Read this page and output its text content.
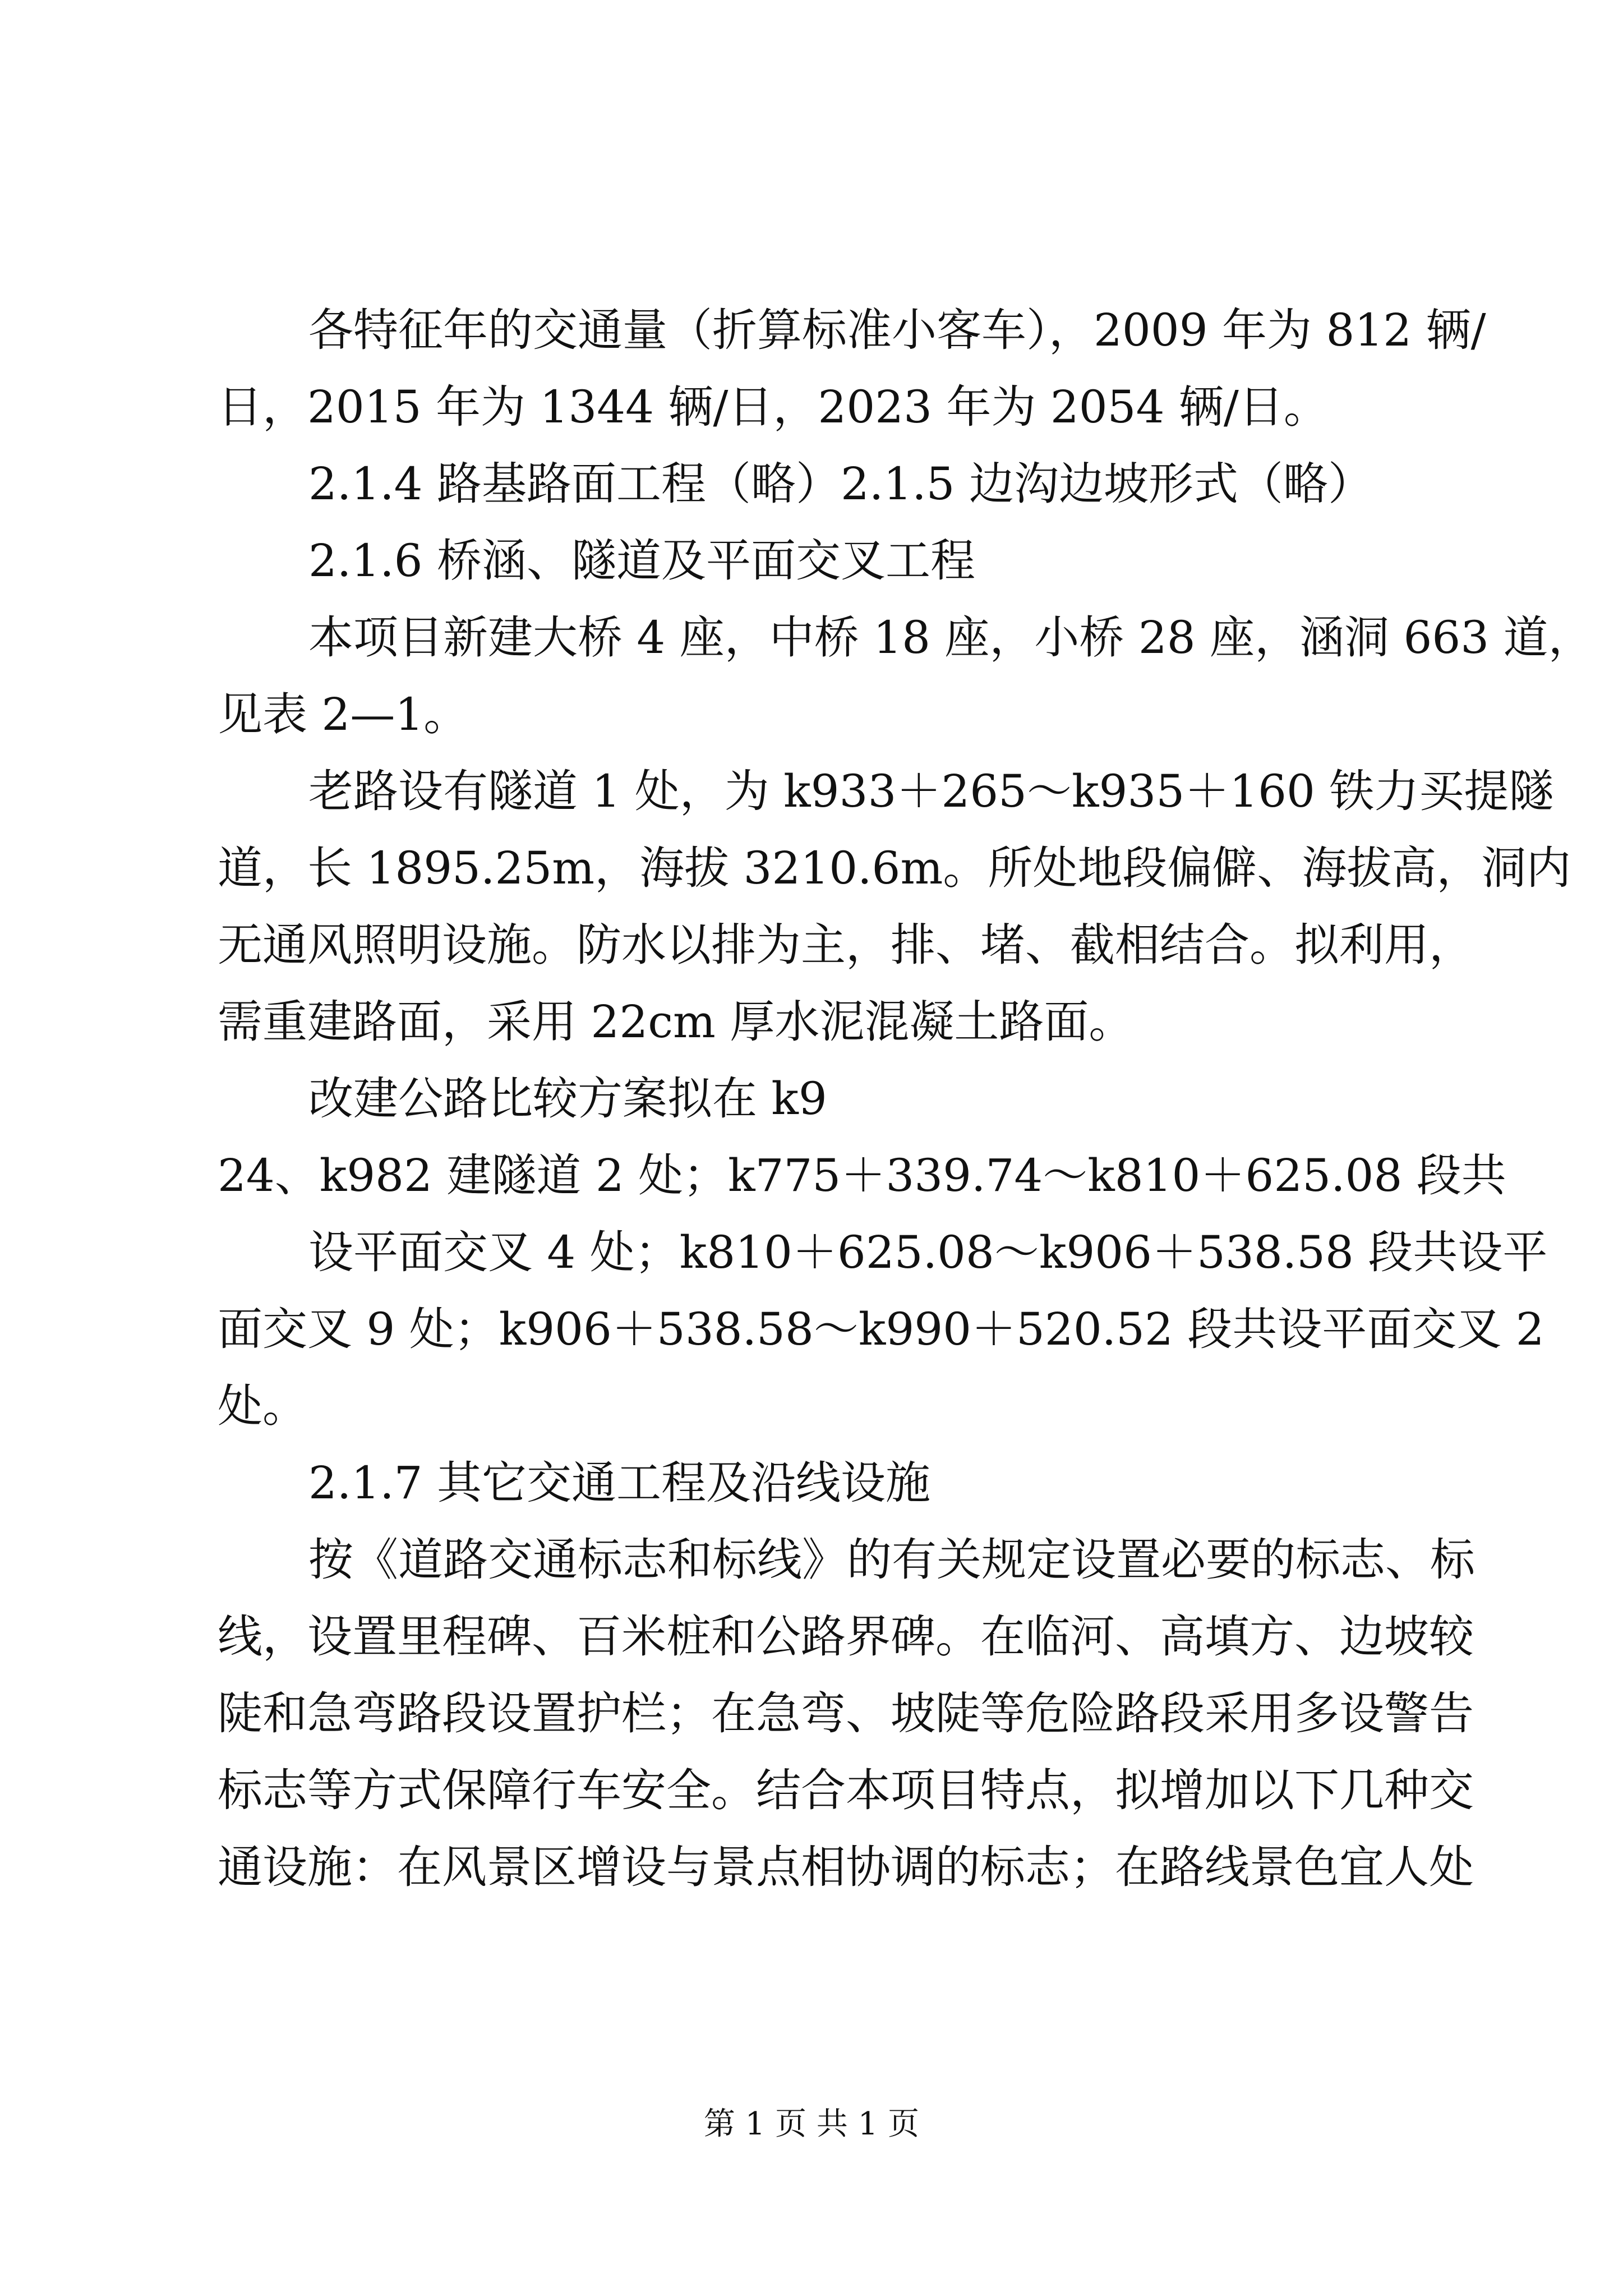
各特征年的交通量（折算标准小客车），2009 年为 812 辆/
日，2015 年为 1344 辆/日，2023 年为 2054 辆/日。
2.1.4 路基路面工程（略）2.1.5 边沟边坡形式（略）
2.1.6 桥涵、隧道及平面交叉工程
本项目新建大桥 4 座，中桥 18 座，小桥 28 座，涵洞 663 道，
见表 2—1。
老路设有隧道 1 处，为 k933＋265～k935＋160 铁力买提隧
道，长 1895.25m，海拔 3210.6m。所处地段偏僻、海拔高，洞内
无通风照明设施。防水以排为主，排、堵、截相结合。拟利用，
需重建路面，采用 22cm 厚水泥混凝土路面。
改建公路比较方案拟在 k9
24、k982 建隧道 2 处；k775＋339.74～k810＋625.08 段共
设平面交叉 4 处；k810＋625.08～k906＋538.58 段共设平
面交叉 9 处；k906＋538.58～k990＋520.52 段共设平面交叉 2
处。
2.1.7 其它交通工程及沿线设施
按《道路交通标志和标线》的有关规定设置必要的标志、标
线，设置里程碑、百米桩和公路界碑。在临河、高填方、边坡较
陡和急弯路段设置护栏；在急弯、坡陡等危险路段采用多设警告
标志等方式保障行车安全。结合本项目特点，拟增加以下几种交
通设施：在风景区增设与景点相协调的标志；在路线景色宜人处
第 1 页 共 1 页
